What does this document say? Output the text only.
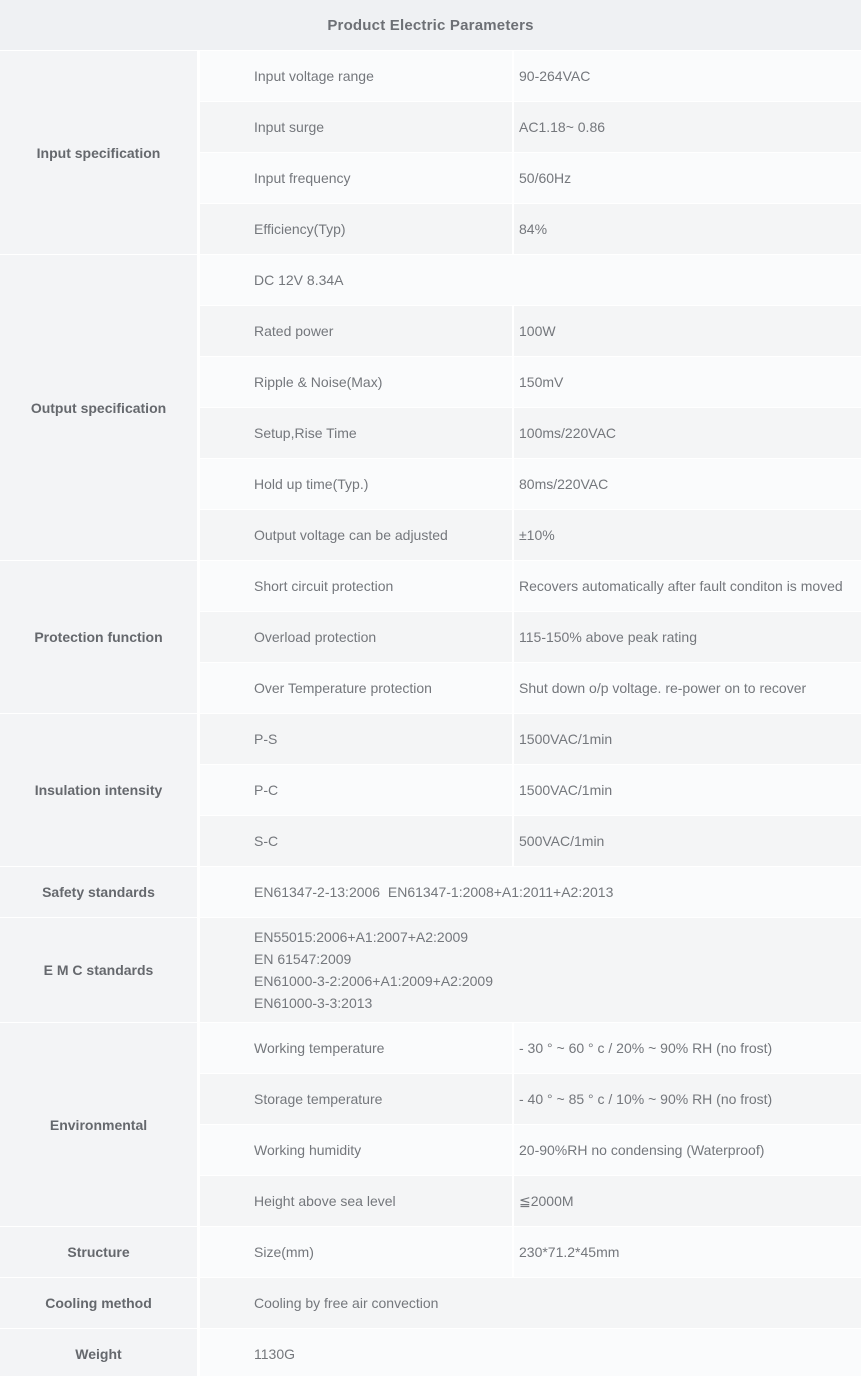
Product Electric Parameters
Input specification
Input voltage range	90-264VAC
Input surge	AC1.18~ 0.86
Input frequency	50/60Hz
Efficiency(Typ)	84%
Output specification
DC 12V 8.34A
Rated power	100W
Ripple & Noise(Max)	150mV
Setup,Rise Time	100ms/220VAC
Hold up time(Typ.)	80ms/220VAC
Output voltage can be adjusted	±10%
Protection function
Short circuit protection	Recovers automatically after fault conditon is moved
Overload protection	115-150% above peak rating
Over Temperature protection	Shut down o/p voltage. re-power on to recover
Insulation intensity
P-S	1500VAC/1min
P-C	1500VAC/1min
S-C	500VAC/1min
Safety standards	EN61347-2-13:2006  EN61347-1:2008+A1:2011+A2:2013
E M C standards
EN55015:2006+A1:2007+A2:2009
EN 61547:2009
EN61000-3-2:2006+A1:2009+A2:2009
EN61000-3-3:2013
Environmental
Working temperature	- 30 ° ~ 60 ° c / 20% ~ 90% RH (no frost)
Storage temperature	- 40 ° ~ 85 ° c / 10% ~ 90% RH (no frost)
Working humidity	20-90%RH no condensing (Waterproof)
Height above sea level	≦2000M
Structure	Size(mm)	230*71.2*45mm
Cooling method	Cooling by free air convection
Weight	1130G
